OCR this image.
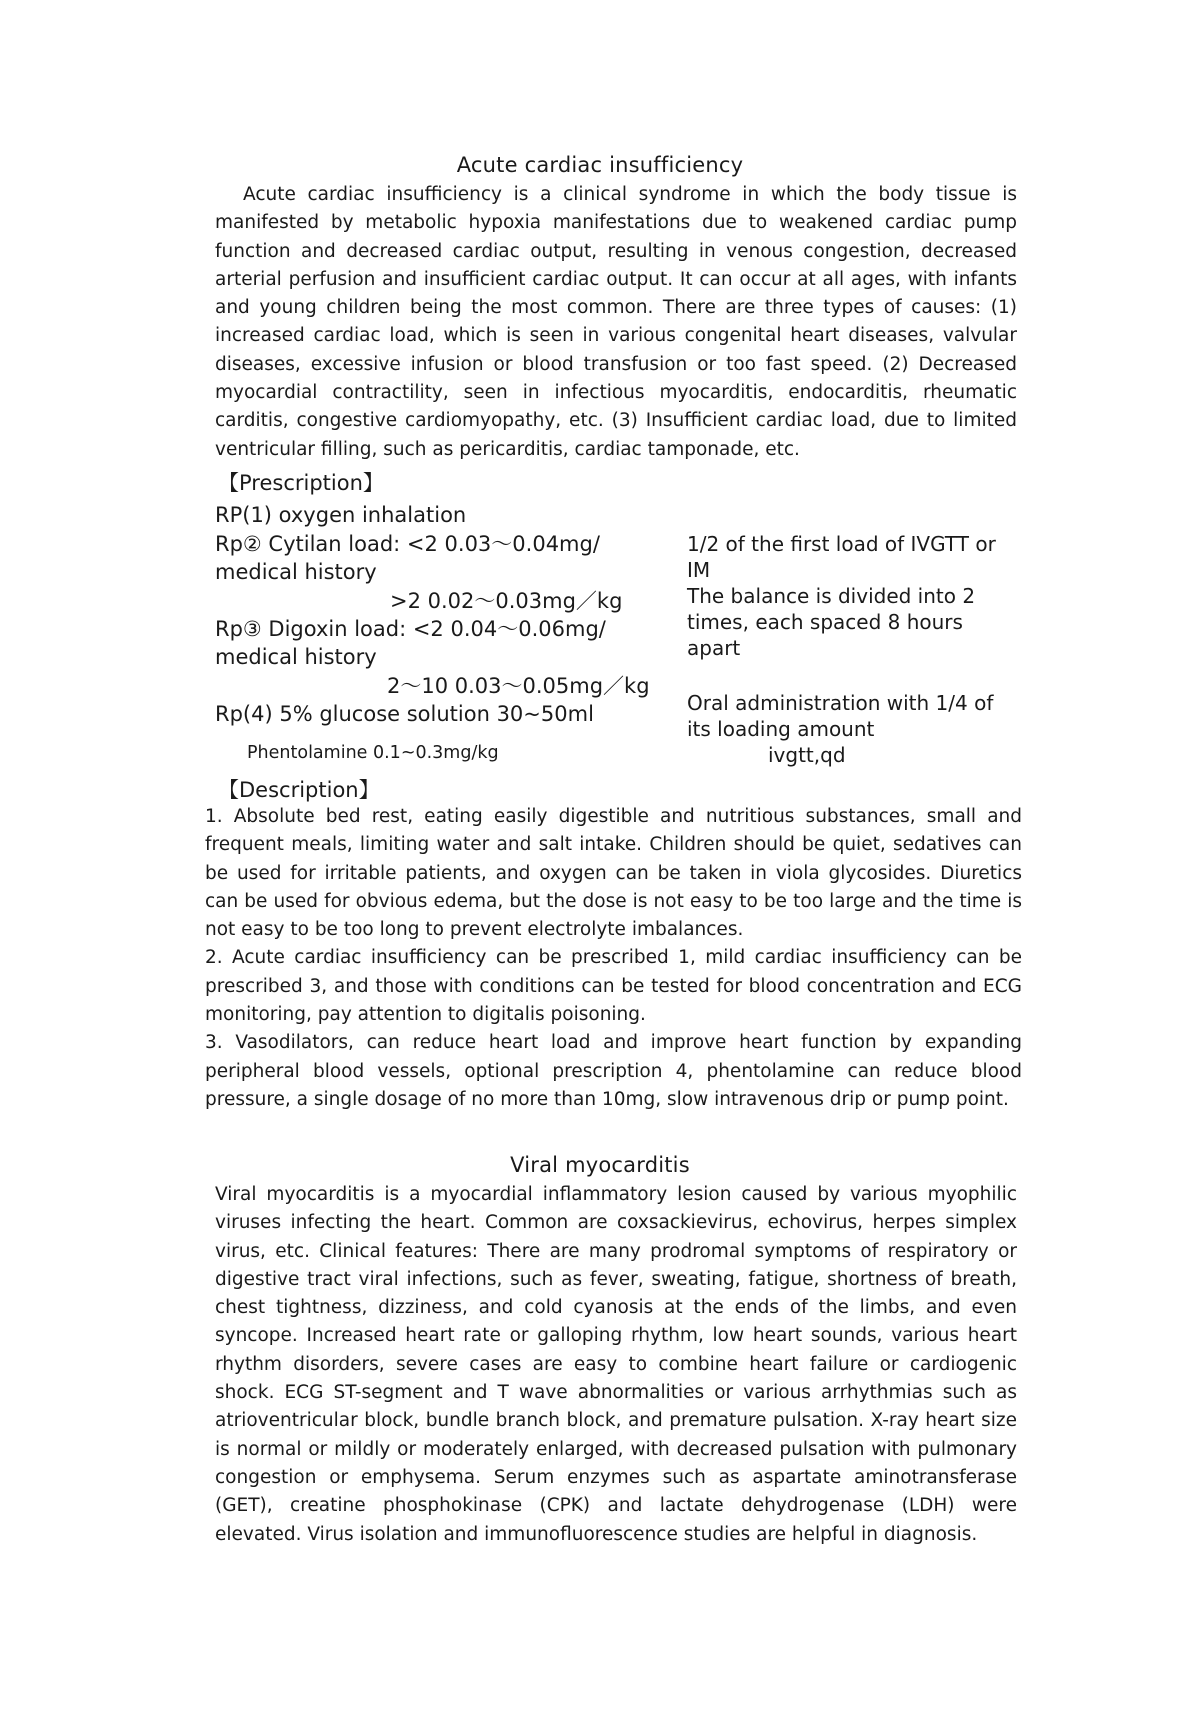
Acute cardiac insufficiency
Acute cardiac insufficiency is a clinical syndrome in which the body tissue is manifested by metabolic hypoxia manifestations due to weakened cardiac pump function and decreased cardiac output, resulting in venous congestion, decreased arterial perfusion and insufficient cardiac output. It can occur at all ages, with infants and young children being the most common. There are three types of causes: (1) increased cardiac load, which is seen in various congenital heart diseases, valvular diseases, excessive infusion or blood transfusion or too fast speed. (2) Decreased myocardial contractility, seen in infectious myocarditis, endocarditis, rheumatic carditis, congestive cardiomyopathy, etc. (3) Insufficient cardiac load, due to limited ventricular filling, such as pericarditis, cardiac tamponade, etc.
【Prescription】
RP(1) oxygen inhalation
Rp② Cytilan load: <2 0.03～0.04mg/
medical history
>2 0.02～0.03mg／kg
Rp③ Digoxin load: <2 0.04～0.06mg/
medical history
2～10 0.03～0.05mg／kg
Rp(4) 5% glucose solution 30~50ml
Phentolamine 0.1~0.3mg/kg
1/2 of the first load of IVGTT or IM
The balance is divided into 2 times, each spaced 8 hours apart
Oral administration with 1/4 of its loading amount
ivgtt,qd
【Description】

1. Absolute bed rest, eating easily digestible and nutritious substances, small and frequent meals, limiting water and salt intake. Children should be quiet, sedatives can be used for irritable patients, and oxygen can be taken in viola glycosides. Diuretics can be used for obvious edema, but the dose is not easy to be too large and the time is not easy to be too long to prevent electrolyte imbalances.

2. Acute cardiac insufficiency can be prescribed 1, mild cardiac insufficiency can be prescribed 3, and those with conditions can be tested for blood concentration and ECG monitoring, pay attention to digitalis poisoning.

3. Vasodilators, can reduce heart load and improve heart function by expanding peripheral blood vessels, optional prescription 4, phentolamine can reduce blood pressure, a single dosage of no more than 10mg, slow intravenous drip or pump point.

Viral myocarditis
Viral myocarditis is a myocardial inflammatory lesion caused by various myophilic viruses infecting the heart. Common are coxsackievirus, echovirus, herpes simplex virus, etc. Clinical features: There are many prodromal symptoms of respiratory or digestive tract viral infections, such as fever, sweating, fatigue, shortness of breath, chest tightness, dizziness, and cold cyanosis at the ends of the limbs, and even syncope. Increased heart rate or galloping rhythm, low heart sounds, various heart rhythm disorders, severe cases are easy to combine heart failure or cardiogenic shock. ECG ST-segment and T wave abnormalities or various arrhythmias such as atrioventricular block, bundle branch block, and premature pulsation. X-ray heart size is normal or mildly or moderately enlarged, with decreased pulsation with pulmonary congestion or emphysema. Serum enzymes such as aspartate aminotransferase (GET), creatine phosphokinase (CPK) and lactate dehydrogenase (LDH) were elevated. Virus isolation and immunofluorescence studies are helpful in diagnosis.
